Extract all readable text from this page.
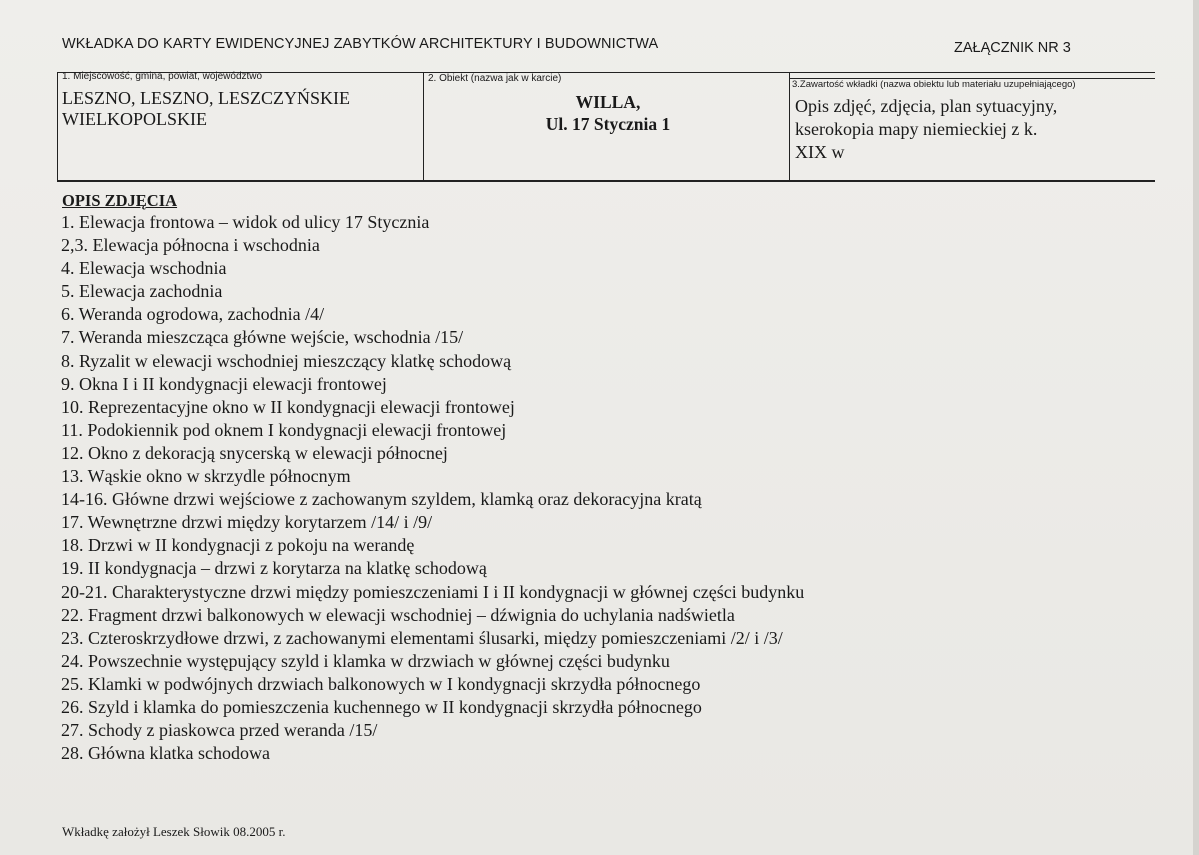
WKŁADKA DO KARTY EWIDENCYJNEJ ZABYTKÓW ARCHITEKTURY I BUDOWNICTWA	ZAŁĄCZNIK NR 3
1. Miejscowość, gmina, powiat, województwo
LESZNO, LESZNO, LESZCZYŃSKIE
WIELKOPOLSKIE
2. Obiekt (nazwa jak w karcie)
WILLA,
Ul. 17 Stycznia 1
3.Zawartość wkładki (nazwa obiektu lub materiału uzupełniającego)
Opis zdjęć, zdjęcia, plan sytuacyjny,
kserokopia mapy niemieckiej z k.
XIX w
OPIS ZDJĘCIA
1. Elewacja frontowa – widok od ulicy 17 Stycznia
2,3. Elewacja północna i wschodnia
4. Elewacja wschodnia
5. Elewacja zachodnia
6. Weranda ogrodowa, zachodnia /4/
7. Weranda mieszcząca główne wejście, wschodnia /15/
8. Ryzalit w elewacji wschodniej mieszczący klatkę schodową
9. Okna I i II kondygnacji elewacji frontowej
10. Reprezentacyjne okno w II kondygnacji elewacji frontowej
11. Podokiennik pod oknem I kondygnacji elewacji frontowej
12. Okno z dekoracją snycerską w elewacji północnej
13. Wąskie okno w skrzydle północnym
14-16. Główne drzwi wejściowe z zachowanym szyldem, klamką oraz dekoracyjna kratą
17. Wewnętrzne drzwi między korytarzem /14/ i /9/
18. Drzwi w II kondygnacji z pokoju na werandę
19. II kondygnacja – drzwi z korytarza na klatkę schodową
20-21. Charakterystyczne drzwi między pomieszczeniami I i II kondygnacji w głównej części budynku
22. Fragment drzwi balkonowych w elewacji wschodniej – dźwignia do uchylania nadświetla
23. Czteroskrzydłowe drzwi, z zachowanymi elementami ślusarki, między pomieszczeniami /2/ i /3/
24. Powszechnie występujący szyld i klamka w drzwiach w głównej części budynku
25. Klamki w podwójnych drzwiach balkonowych w I kondygnacji skrzydła północnego
26. Szyld i klamka do pomieszczenia kuchennego w II kondygnacji skrzydła północnego
27. Schody z piaskowca przed weranda /15/
28. Główna klatka schodowa
Wkładkę założył Leszek Słowik 08.2005 r.
